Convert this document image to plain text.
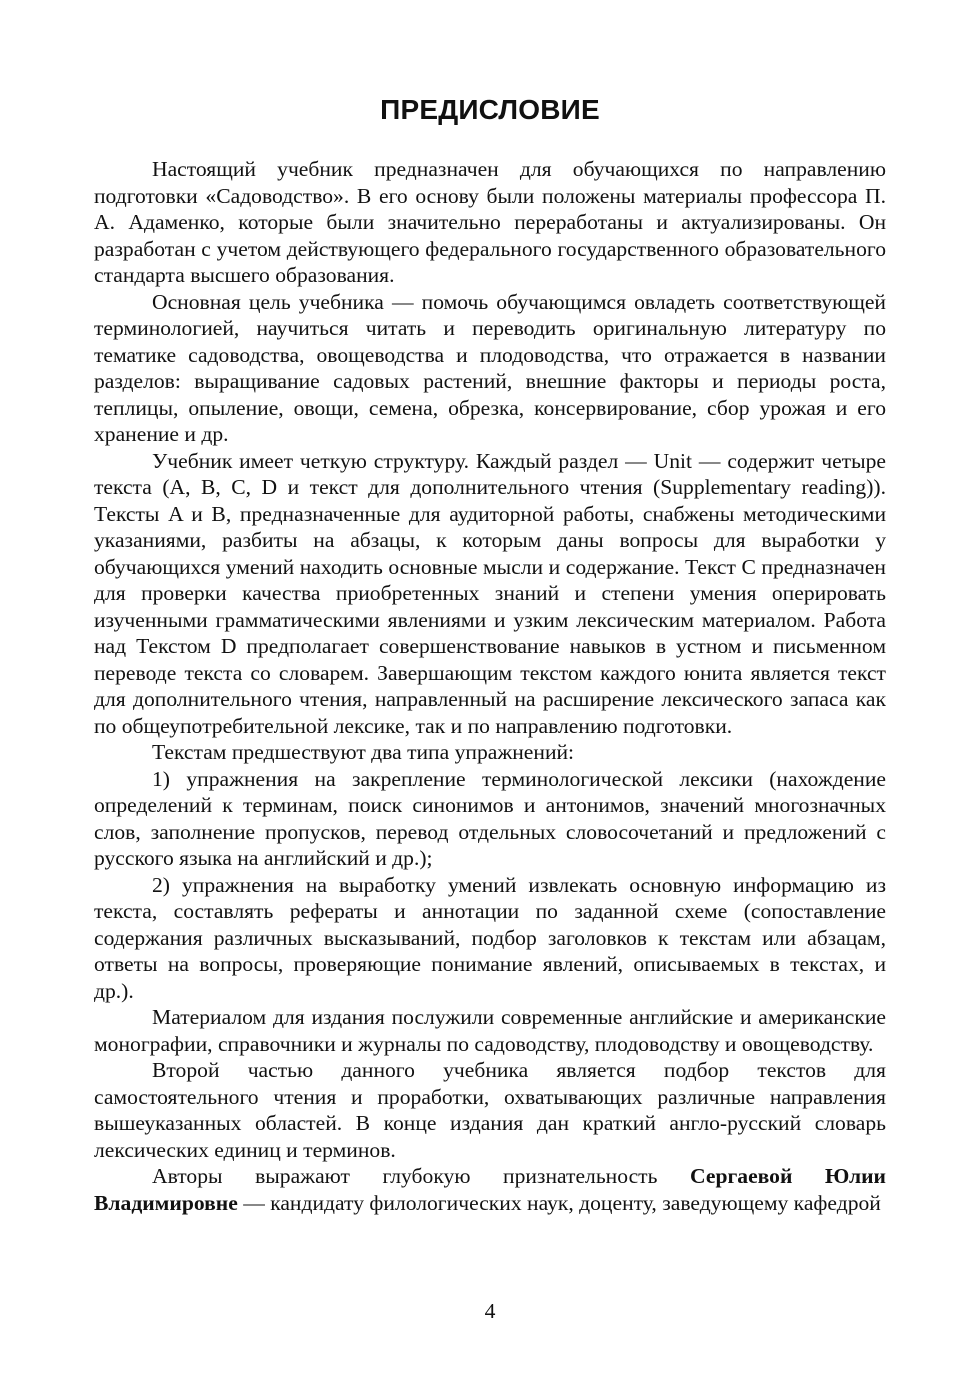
ПРЕДИСЛОВИЕ

Настоящий учебник предназначен для обучающихся по направлению подготовки «Садоводство». В его основу были положены материалы профессора П. А. Адаменко, которые были значительно переработаны и актуализированы. Он разработан с учетом действующего федерального государственного образовательного стандарта высшего образования.

Основная цель учебника — помочь обучающимся овладеть соответствующей терминологией, научиться читать и переводить оригинальную литературу по тематике садоводства, овощеводства и плодоводства, что отражается в названии разделов: выращивание садовых растений, внешние факторы и периоды роста, теплицы, опыление, овощи, семена, обрезка, консервирование, сбор урожая и его хранение и др.

Учебник имеет четкую структуру. Каждый раздел — Unit — содержит четыре текста (A, B, C, D и текст для дополнительного чтения (Supplementary reading)). Тексты A и B, предназначенные для аудиторной работы, снабжены методическими указаниями, разбиты на абзацы, к которым даны вопросы для выработки у обучающихся умений находить основные мысли и содержание. Текст C предназначен для проверки качества приобретенных знаний и степени умения оперировать изученными грамматическими явлениями и узким лексическим материалом. Работа над Текстом D предполагает совершенствование навыков в устном и письменном переводе текста со словарем. Завершающим текстом каждого юнита является текст для дополнительного чтения, направленный на расширение лексического запаса как по общеупотребительной лексике, так и по направлению подготовки.

Текстам предшествуют два типа упражнений:

1) упражнения на закрепление терминологической лексики (нахождение определений к терминам, поиск синонимов и антонимов, значений многозначных слов, заполнение пропусков, перевод отдельных словосочетаний и предложений с русского языка на английский и др.);

2) упражнения на выработку умений извлекать основную информацию из текста, составлять рефераты и аннотации по заданной схеме (сопоставление содержания различных высказываний, подбор заголовков к текстам или абзацам, ответы на вопросы, проверяющие понимание явлений, описываемых в текстах, и др.).

Материалом для издания послужили современные английские и американские монографии, справочники и журналы по садоводству, плодоводству и овощеводству.

Второй частью данного учебника является подбор текстов для самостоятельного чтения и проработки, охватывающих различные направления вышеуказанных областей. В конце издания дан краткий англо-русский словарь лексических единиц и терминов.

Авторы выражают глубокую признательность Сергаевой Юлии Владимировне — кандидату филологических наук, доценту, заведующему кафедрой

4
